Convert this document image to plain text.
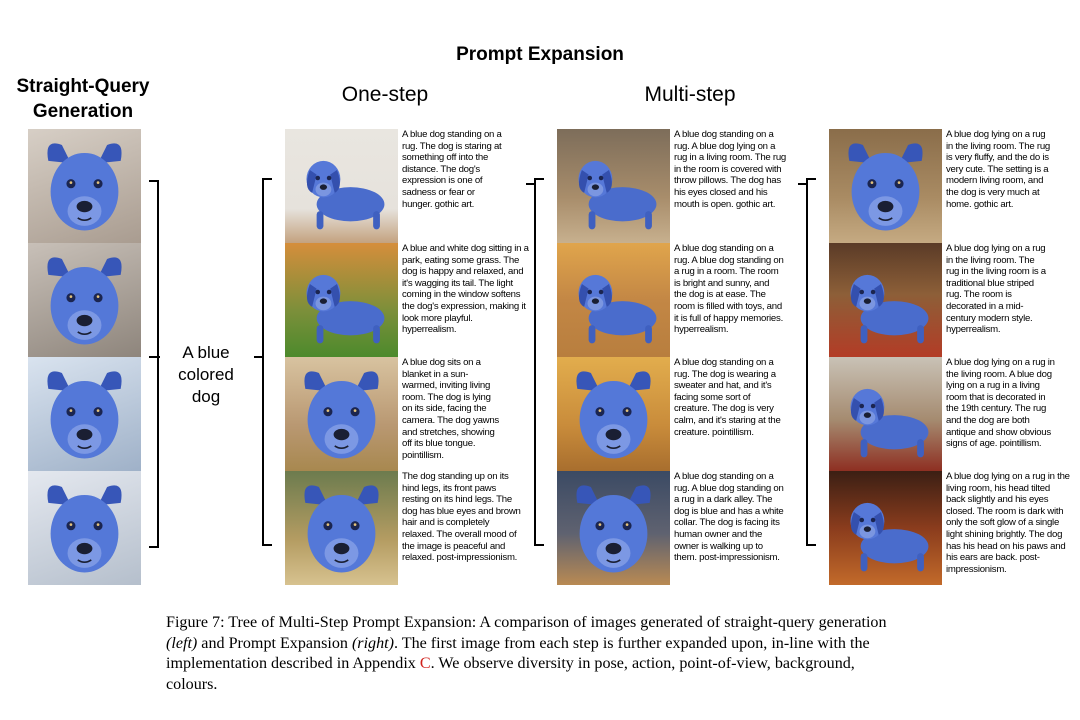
Prompt Expansion
Straight-Query
Generation
One-step	Multi-step
A blue
colored
dog
A blue dog standing on a rug. The dog is staring at something off into the distance. The dog's expression is one of sadness or fear or hunger. gothic art.
A blue and white dog sitting in a park, eating some grass. The dog is happy and relaxed, and it's wagging its tail. The light coming in the window softens the dog's expression, making it look more playful. hyperrealism.
A blue dog sits on a blanket in a sun-warmed, inviting living room. The dog is lying on its side, facing the camera. The dog yawns and stretches, showing off its blue tongue. pointillism.
The dog standing up on its hind legs, its front paws resting on its hind legs. The dog has blue eyes and brown hair and is completely relaxed. The overall mood of the image is peaceful and relaxed. post-impressionism.
A blue dog standing on a rug. A blue dog lying on a rug in a living room. The rug in the room is covered with throw pillows. The dog has his eyes closed and his mouth is open. gothic art.
A blue dog standing on a rug. A blue dog standing on a rug in a room. The room is bright and sunny, and the dog is at ease. The room is filled with toys, and it is full of happy memories. hyperrealism.
A blue dog standing on a rug. The dog is wearing a sweater and hat, and it's facing some sort of creature. The dog is very calm, and it's staring at the creature. pointillism.
A blue dog standing on a rug. A blue dog standing on a rug in a dark alley. The dog is blue and has a white collar. The dog is facing its human owner and the owner is walking up to them. post-impressionism.
A blue dog lying on a rug in the living room. The rug is very fluffy, and the do is very cute. The setting is a modern living room, and the dog is very much at home. gothic art.
A blue dog lying on a rug in the living room. The rug in the living room is a traditional blue striped rug. The room is decorated in a mid-century modern style. hyperrealism.
A blue dog lying on a rug in the living room. A blue dog lying on a rug in a living room that is decorated in the 19th century. The rug and the dog are both antique and show obvious signs of age. pointillism.
A blue dog lying on a rug in the living room, his head tilted back slightly and his eyes closed. The room is dark with only the soft glow of a single light shining brightly. The dog has his head on his paws and his ears are back. post-impressionism.
Figure 7: Tree of Multi-Step Prompt Expansion: A comparison of images generated of straight-query generation (left) and Prompt Expansion (right). The first image from each step is further expanded upon, in-line with the implementation described in Appendix C. We observe diversity in pose, action, point-of-view, background, colours.
